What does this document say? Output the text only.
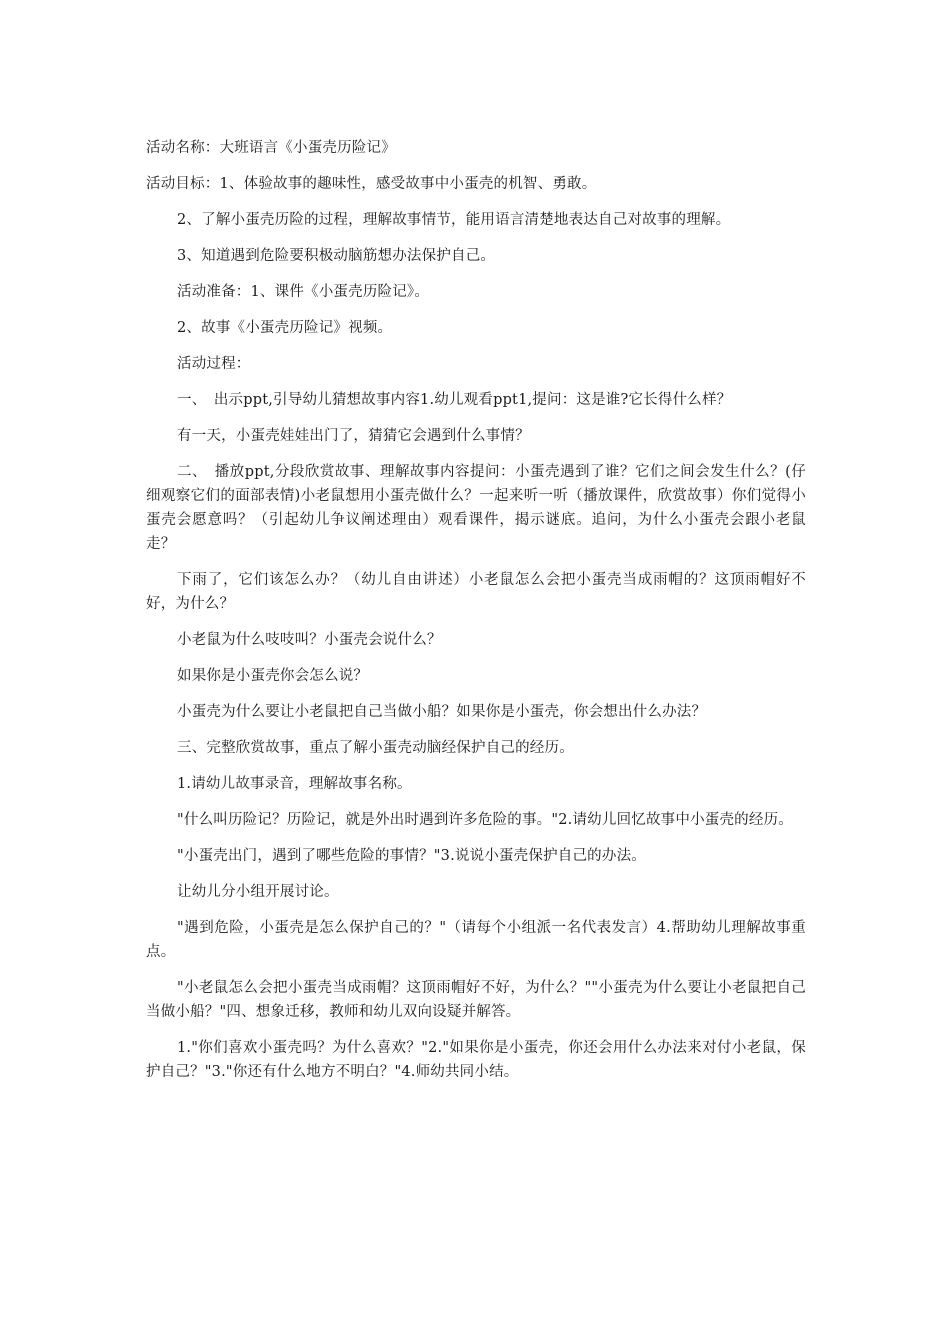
活动名称：大班语言《小蛋壳历险记》

活动目标：1、体验故事的趣味性，感受故事中小蛋壳的机智、勇敢。

2、了解小蛋壳历险的过程，理解故事情节，能用语言清楚地表达自己对故事的理解。

3、知道遇到危险要积极动脑筋想办法保护自己。

活动准备：1、课件《小蛋壳历险记》。

2、故事《小蛋壳历险记》视频。

活动过程：

一、　出示ppt,引导幼儿猜想故事内容1.幼儿观看ppt1,提问：这是谁?它长得什么样？

有一天，小蛋壳娃娃出门了，猜猜它会遇到什么事情？

二、　播放ppt,分段欣赏故事、理解故事内容提问：小蛋壳遇到了谁？它们之间会发生什么？(仔细观察它们的面部表情)小老鼠想用小蛋壳做什么？一起来听一听（播放课件，欣赏故事）你们觉得小蛋壳会愿意吗？（引起幼儿争议阐述理由）观看课件，揭示谜底。追问，为什么小蛋壳会跟小老鼠走？

下雨了，它们该怎么办？（幼儿自由讲述）小老鼠怎么会把小蛋壳当成雨帽的？这顶雨帽好不好，为什么？

小老鼠为什么吱吱叫？小蛋壳会说什么？

如果你是小蛋壳你会怎么说？

小蛋壳为什么要让小老鼠把自己当做小船？如果你是小蛋壳，你会想出什么办法？

三、完整欣赏故事，重点了解小蛋壳动脑经保护自己的经历。

1.请幼儿故事录音，理解故事名称。

"什么叫历险记？历险记，就是外出时遇到许多危险的事。"2.请幼儿回忆故事中小蛋壳的经历。

"小蛋壳出门，遇到了哪些危险的事情？"3.说说小蛋壳保护自己的办法。

让幼儿分小组开展讨论。

"遇到危险，小蛋壳是怎么保护自己的？"（请每个小组派一名代表发言）4.帮助幼儿理解故事重点。

"小老鼠怎么会把小蛋壳当成雨帽？这顶雨帽好不好，为什么？""小蛋壳为什么要让小老鼠把自己当做小船？"四、想象迁移，教师和幼儿双向设疑并解答。

1."你们喜欢小蛋壳吗？为什么喜欢？"2."如果你是小蛋壳，你还会用什么办法来对付小老鼠，保护自己？"3."你还有什么地方不明白？"4.师幼共同小结。
